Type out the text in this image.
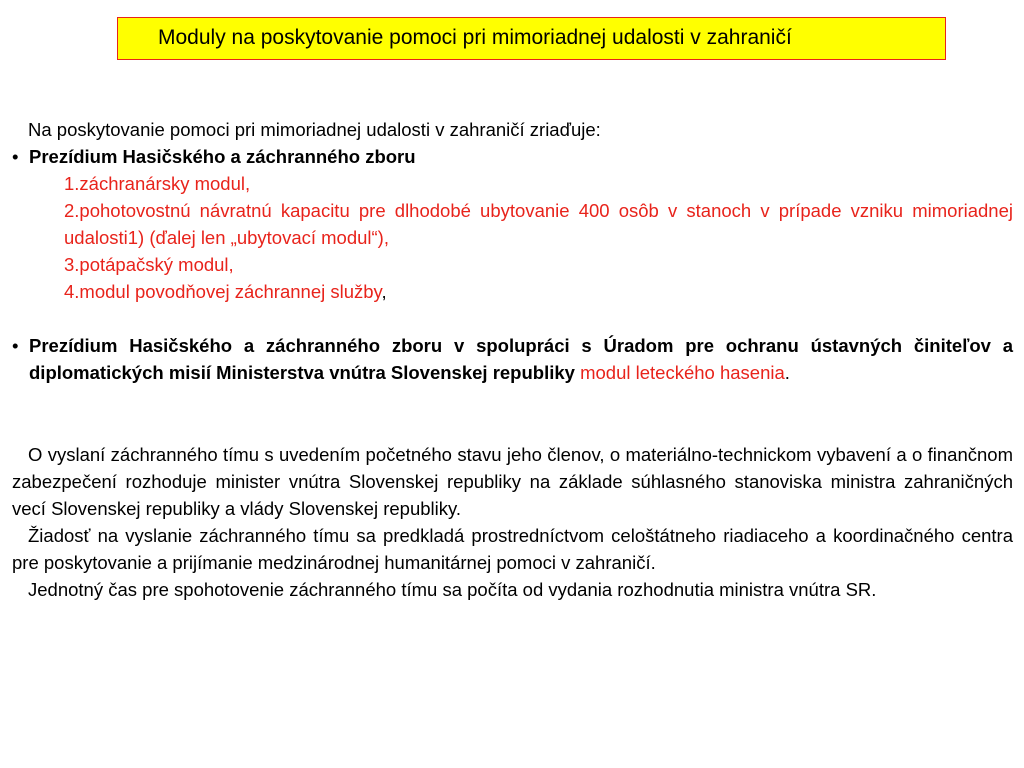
Moduly na poskytovanie pomoci pri mimoriadnej udalosti v zahraničí
Na poskytovanie pomoci pri mimoriadnej udalosti v zahraničí zriaďuje:
• Prezídium Hasičského a záchranného zboru
1.záchranársky modul,
2.pohotovostnú návratnú kapacitu pre dlhodobé ubytovanie 400 osôb v stanoch v prípade vzniku mimoriadnej udalosti1) (ďalej len „ubytovací modul“),
3.potápačský modul,
4.modul povodňovej záchrannej služby,
• Prezídium Hasičského a záchranného zboru v spolupráci s Úradom pre ochranu ústavných činiteľov a diplomatických misií Ministerstva vnútra Slovenskej republiky modul leteckého hasenia.
O vyslaní záchranného tímu s uvedením početného stavu jeho členov, o materiálno-technickom vybavení a o finančnom zabezpečení rozhoduje minister vnútra Slovenskej republiky na základe súhlasného stanoviska ministra zahraničných vecí Slovenskej republiky a vlády Slovenskej republiky.
Žiadosť na vyslanie záchranného tímu sa predkladá prostredníctvom celoštátneho riadiaceho a koordinačného centra pre poskytovanie a prijímanie medzinárodnej humanitárnej pomoci v zahraničí.
Jednotný čas pre spohotovenie záchranného tímu sa počíta od vydania rozhodnutia ministra vnútra SR.
